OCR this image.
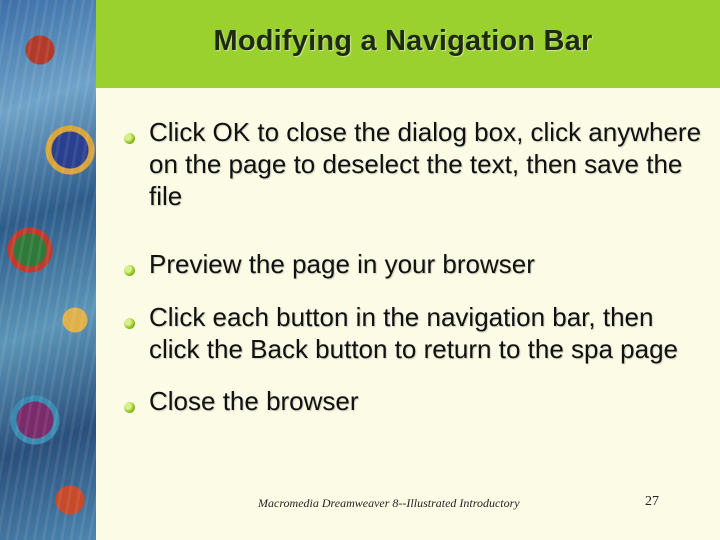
Modifying a Navigation Bar
Click OK to close the dialog box, click anywhere on the page to deselect the text, then save the file
Preview the page in your browser
Click each button in the navigation bar, then click the Back button to return to the spa page
Close the browser
Macromedia Dreamweaver 8--Illustrated Introductory	27
